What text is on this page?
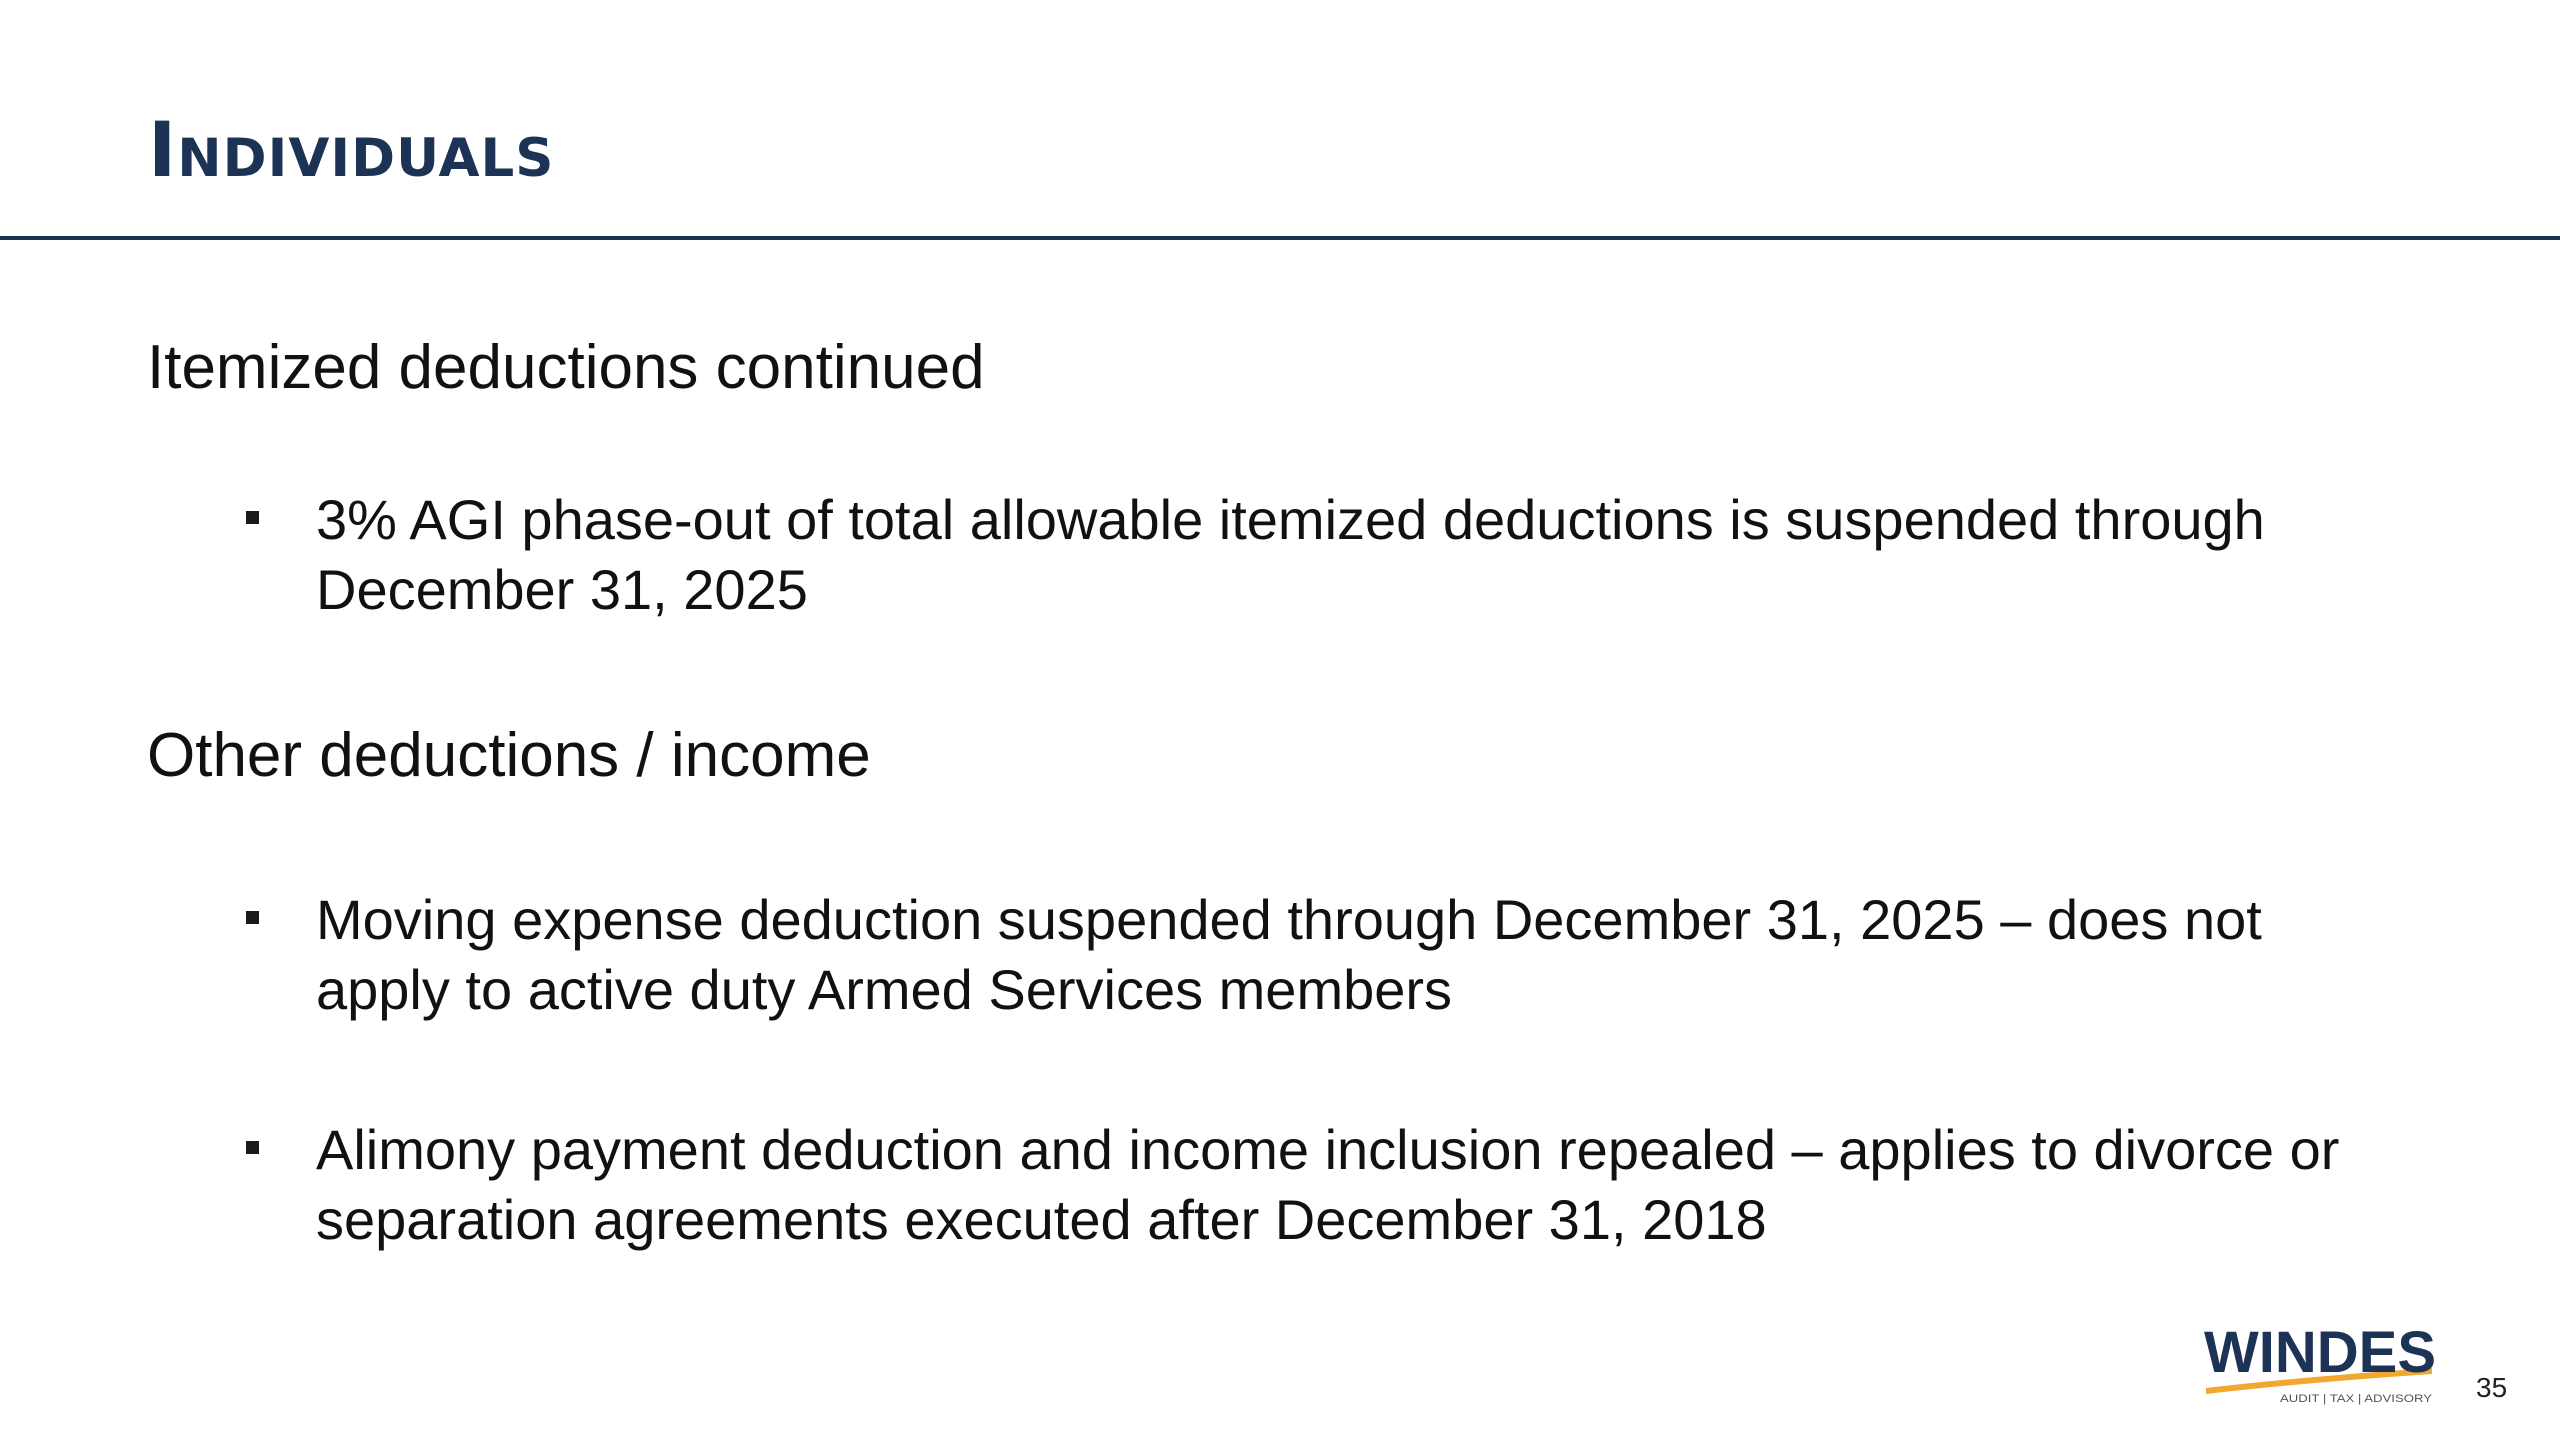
Individuals
Itemized deductions continued
3% AGI phase-out of total allowable itemized deductions is suspended through December 31, 2025
Other deductions / income
Moving expense deduction suspended through December 31, 2025 – does not apply to active duty Armed Services members
Alimony payment deduction and income inclusion repealed – applies to divorce or separation agreements executed after December 31, 2018
WINDES
AUDIT | TAX | ADVISORY 35
